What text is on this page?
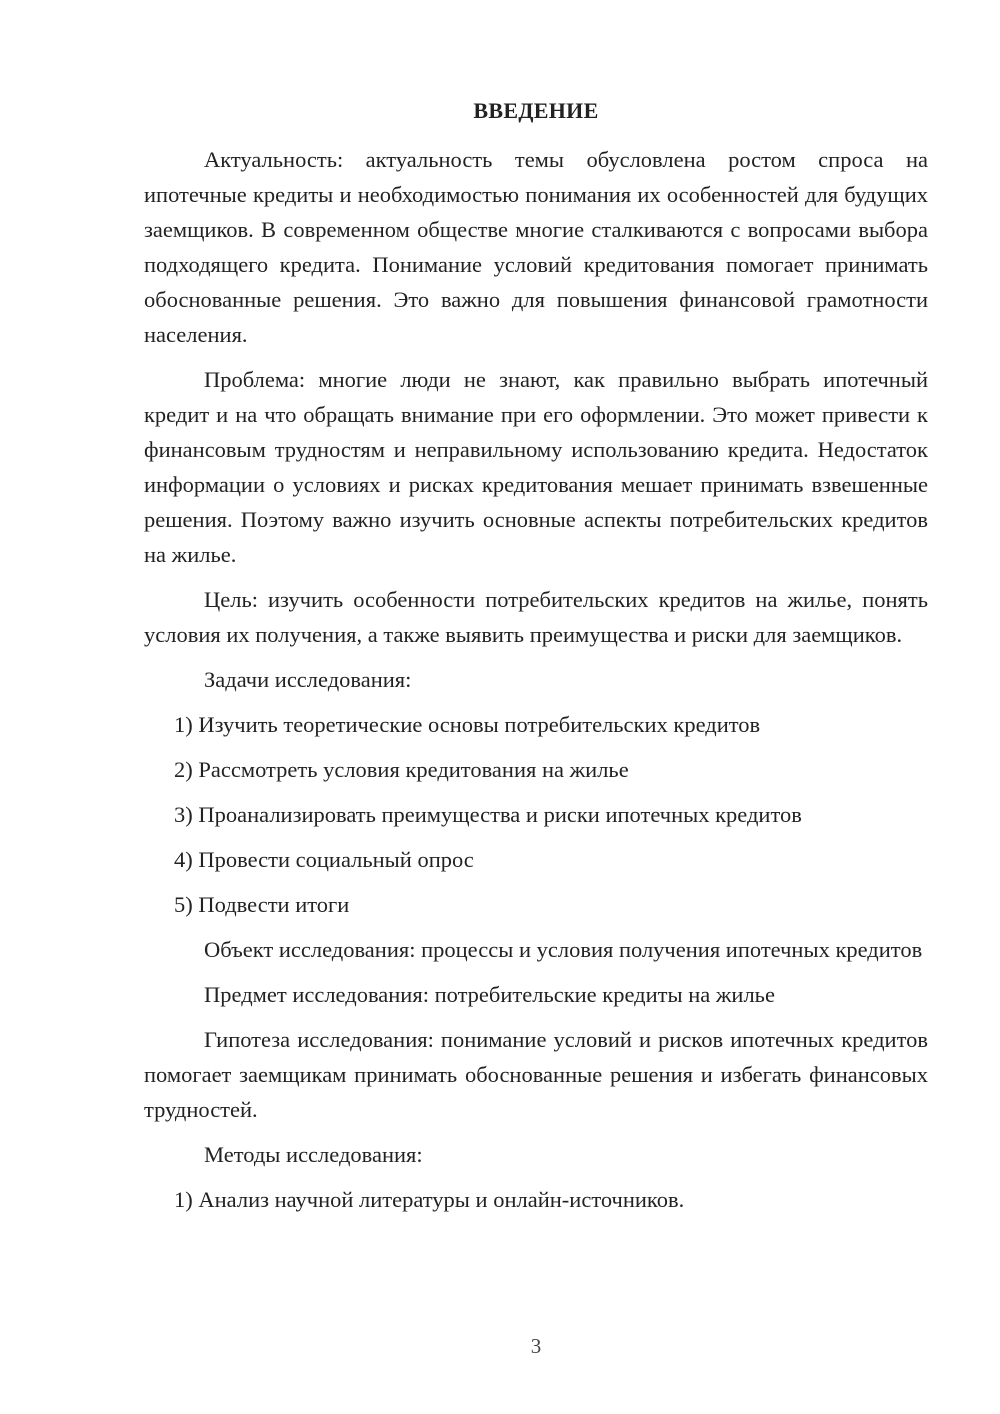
ВВЕДЕНИЕ

Актуальность: актуальность темы обусловлена ростом спроса на ипотечные кредиты и необходимостью понимания их особенностей для будущих заемщиков. В современном обществе многие сталкиваются с вопросами выбора подходящего кредита. Понимание условий кредитования помогает принимать обоснованные решения. Это важно для повышения финансовой грамотности населения.

Проблема: многие люди не знают, как правильно выбрать ипотечный кредит и на что обращать внимание при его оформлении. Это может привести к финансовым трудностям и неправильному использованию кредита. Недостаток информации о условиях и рисках кредитования мешает принимать взвешенные решения. Поэтому важно изучить основные аспекты потребительских кредитов на жилье.

Цель: изучить особенности потребительских кредитов на жилье, понять условия их получения, а также выявить преимущества и риски для заемщиков.

Задачи исследования:

1) Изучить теоретические основы потребительских кредитов

2) Рассмотреть условия кредитования на жилье

3) Проанализировать преимущества и риски ипотечных кредитов

4) Провести социальный опрос

5) Подвести итоги

Объект исследования: процессы и условия получения ипотечных кредитов

Предмет исследования: потребительские кредиты на жилье

Гипотеза исследования: понимание условий и рисков ипотечных кредитов помогает заемщикам принимать обоснованные решения и избегать финансовых трудностей.

Методы исследования:

1) Анализ научной литературы и онлайн-источников.

3
